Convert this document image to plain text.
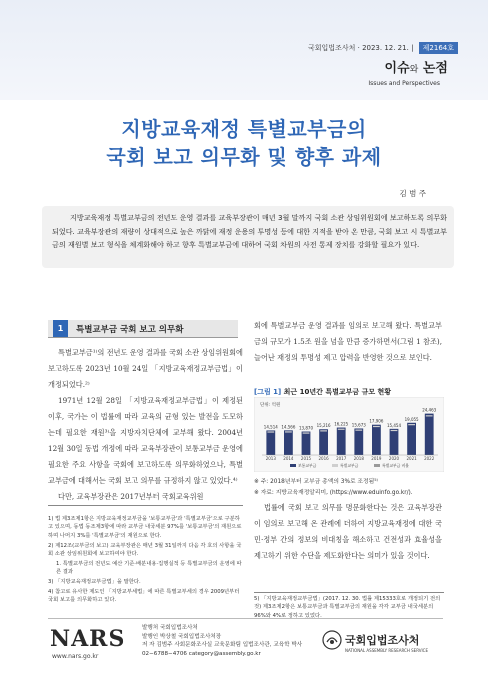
국회입법조사처 · 2023. 12. 21. | 제2164호
이슈와 논점
Issues and Perspectives
지방교육재정 특별교부금의
국회 보고 의무화 및 향후 과제
김 범 주
지방교육재정 특별교부금의 전년도 운영 결과를 교육부장관이 매년 3월 말까지 국회 소관 상임위원회에 보고하도록 의무화되었다. 교육부장관의 재량이 상대적으로 높은 까닭에 재정 운용의 투명성 등에 대한 지적을 받아 온 만큼, 국회 보고 시 특별교부금의 재원별 보고 형식을 체계화해야 하고 향후 특별교부금에 대하여 국회 차원의 사전 통제 장치를 강화할 필요가 있다.
1	특별교부금 국회 보고 의무화
특별교부금¹⁾의 전년도 운영 결과를 국회 소관 상임위원회에 보고하도록 2023년 10월 24일 「지방교육재정교부금법」이 개정되었다.²⁾
1971년 12월 28일 「지방교육재정교부금법」이 제정된 이후, 국가는 이 법률에 따라 교육의 균형 있는 발전을 도모하는데 필요한 재원³⁾을 지방자치단체에 교부해 왔다. 2004년 12월 30일 동법 개정에 따라 교육부장관이 보통교부금 운영에 필요한 주요 사항을 국회에 보고하도록 의무화하였으나, 특별교부금에 대해서는 국회 보고 의무를 규정하지 않고 있었다.⁴⁾
다만, 교육부장관은 2017년부터 국회교육위원
회에 특별교부금 운영 결과를 임의로 보고해 왔다. 특별교부금의 규모가 1.5조 원을 넘을 만큼 증가하면서(그림 1 참조), 늘어난 재정의 투명성 제고 압력을 반영한 것으로 보인다.
[그림 1] 최근 10년간 특별교부금 규모 현황
단위: 억원
14,514 14,566 13,870 15,216 16,225 15,673
17,906
15,454
19,055
24,463
2013 2014 2015 2016 2017 2018 2019 2020 2021 2022
보통교부금	특별교부금	특별교부금 비율
※ 주: 2018년부터 교부금 총액의 3%로 조정됨⁵⁾
※ 자료: 지방교육재정알리미, (https://www.eduinfo.go.kr/).
법률에 국회 보고 의무를 명문화한다는 것은 교육부장관이 임의로 보고해 온 관례에 더하여 지방교육재정에 대한 국민·정부 간의 정보의 비대칭을 해소하고 건전성과 효율성을 제고하기 위한 수단을 제도화한다는 의미가 있을 것이다.
1) 법 제3조제1항은 지방교육재정교부금을 '보통교부금'과 '특별교부금'으로 구분하고 있으며, 동법 동조제3항에 따라 교부금 내국세분 97%를 '보통교부금'의 재원으로 하며 나머지 3%를 '특별교부금'의 재원으로 한다.
2) 제12조(교부금의 보고) 교육부장관은 매년 3월 31일까지 다음 각 호의 사항을 국회 소관 상임위원회에 보고하여야 한다.
1. 특별교부금의 전년도 예산 기준·배분내용·집행실적 등 특별교부금의 운영에 따른 결과
3) 「지방교육재정교부금법」을 말한다.
4) 참고로 유사한 제도인 「지방교부세법」에 따른 특별교부세의 경우 2009년부터 국회 보고를 의무화하고 있다.	5) 「지방교육재정교부금법」(2017. 12. 30. 법률 제15333호로 개정되기 전의 것) 제3조제2항은 보통교부금과 특별교부금의 재원을 각각 교부금 내국세분의 96%와 4%로 정하고 있었다.
NARS
www.nars.go.kr
발행처 국회입법조사처
발행인 박상철 국회입법조사처장
저 자 김범주 사회문화조사실 교육문화팀 입법조사관, 교육학 박사
02−6788−4706 category@assembly.go.kr
국회입법조사처
NATIONAL ASSEMBLY RESEARCH SERVICE
